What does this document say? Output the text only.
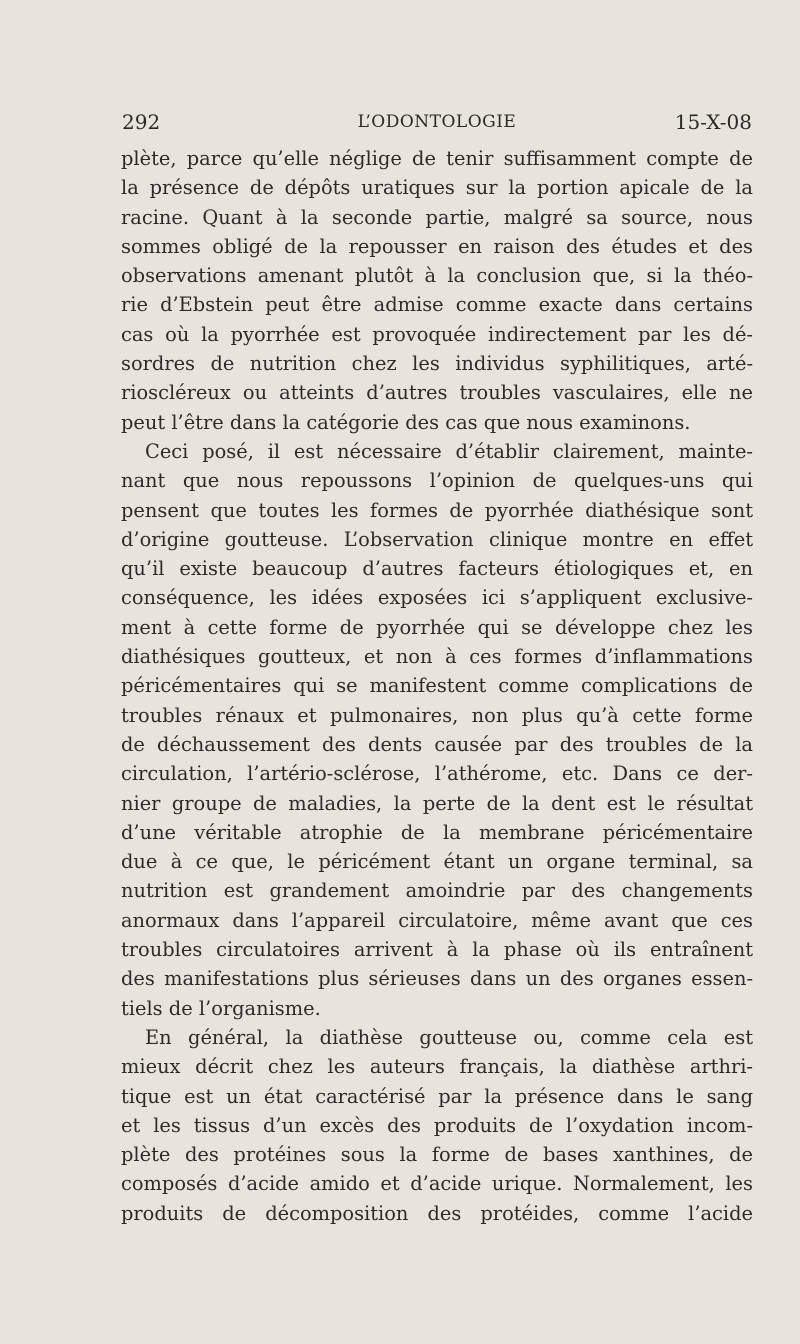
292	L’ODONTOLOGIE	15-X-08
plète, parce qu’elle néglige de tenir suffisamment compte de
la présence de dépôts uratiques sur la portion apicale de la
racine. Quant à la seconde partie, malgré sa source, nous
sommes obligé de la repousser en raison des études et des
observations amenant plutôt à la conclusion que, si la théo-
rie d’Ebstein peut être admise comme exacte dans certains
cas où la pyorrhée est provoquée indirectement par les dé-
sordres de nutrition chez les individus syphilitiques, arté-
rioscléreux ou atteints d’autres troubles vasculaires, elle ne
peut l’être dans la catégorie des cas que nous examinons.
Ceci posé, il est nécessaire d’établir clairement, mainte-
nant que nous repoussons l’opinion de quelques-uns qui
pensent que toutes les formes de pyorrhée diathésique sont
d’origine goutteuse. L’observation clinique montre en effet
qu’il existe beaucoup d’autres facteurs étiologiques et, en
conséquence, les idées exposées ici s’appliquent exclusive-
ment à cette forme de pyorrhée qui se développe chez les
diathésiques goutteux, et non à ces formes d’inflammations
péricémentaires qui se manifestent comme complications de
troubles rénaux et pulmonaires, non plus qu’à cette forme
de déchaussement des dents causée par des troubles de la
circulation, l’artério-sclérose, l’athérome, etc. Dans ce der-
nier groupe de maladies, la perte de la dent est le résultat
d’une véritable atrophie de la membrane péricémentaire
due à ce que, le péricément étant un organe terminal, sa
nutrition est grandement amoindrie par des changements
anormaux dans l’appareil circulatoire, même avant que ces
troubles circulatoires arrivent à la phase où ils entraînent
des manifestations plus sérieuses dans un des organes essen-
tiels de l’organisme.
En général, la diathèse goutteuse ou, comme cela est
mieux décrit chez les auteurs français, la diathèse arthri-
tique est un état caractérisé par la présence dans le sang
et les tissus d’un excès des produits de l’oxydation incom-
plète des protéines sous la forme de bases xanthines, de
composés d’acide amido et d’acide urique. Normalement, les
produits de décomposition des protéides, comme l’acide
